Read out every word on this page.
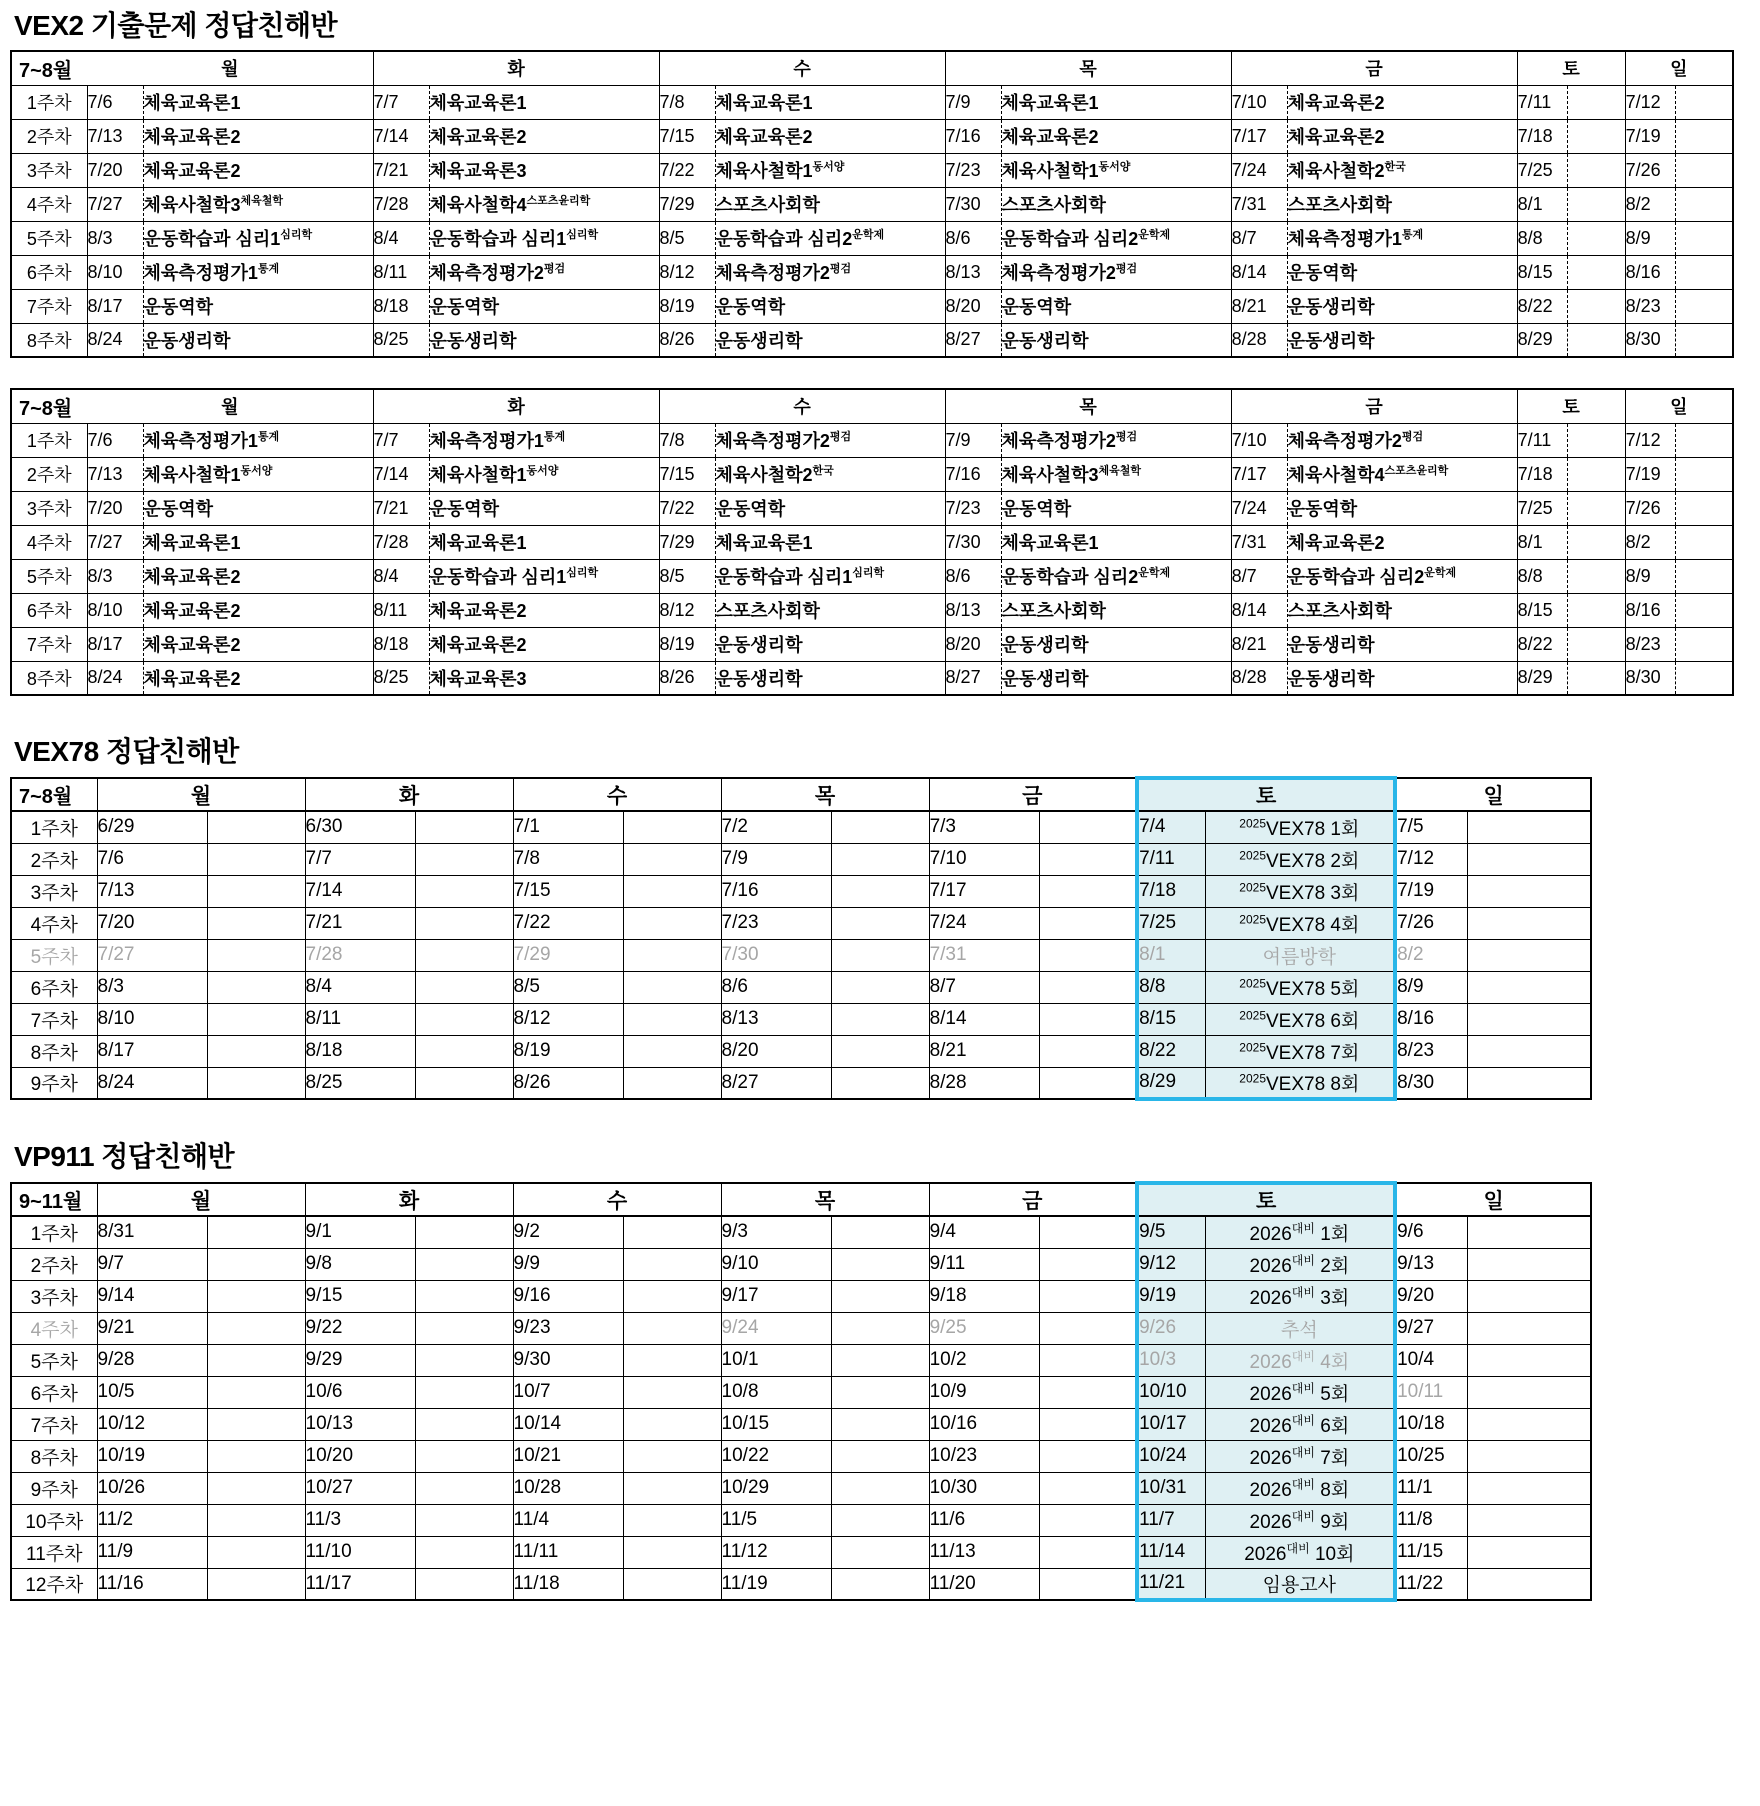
VEX2 기출문제 정답친해반
7~8월	월		화		수		목		금		토		일	
1주차	7/6	체육교육론1	7/7	체육교육론1	7/8	체육교육론1	7/9	체육교육론1	7/10	체육교육론2	7/11		7/12	
2주차	7/13	체육교육론2	7/14	체육교육론2	7/15	체육교육론2	7/16	체육교육론2	7/17	체육교육론2	7/18		7/19	
3주차	7/20	체육교육론2	7/21	체육교육론3	7/22	체육사철학$1^{동서양}$	7/23	체육사철학$1^{동서양}$	7/24	체육사철학$2^{한국}$	7/25		7/26	
4주차	7/27	체육사철학$3^{체육철학}$	7/28	체육사철학$4^{스포츠윤리학}$	7/29	스포츠사회학	7/30	스포츠사회학	7/31	스포츠사회학	8/1		8/2	
5주차	8/3	운동학습과 심리$1^{심리학}$	8/4	운동학습과 심리$1^{심리학}$	8/5	운동학습과 심리$2^{운학제}$	8/6	운동학습과 심리$2^{운학제}$	8/7	체육측정평가$1^{통계}$	8/8		8/9	
6주차	8/10	체육측정평가$1^{통계}$	8/11	체육측정평가$2^{평검}$	8/12	체육측정평가$2^{평검}$	8/13	체육측정평가$2^{평검}$	8/14	운동역학	8/15		8/16	
7주차	8/17	운동역학	8/18	운동역학	8/19	운동역학	8/20	운동역학	8/21	운동생리학	8/22		8/23	
8주차	8/24	운동생리학	8/25	운동생리학	8/26	운동생리학	8/27	운동생리학	8/28	운동생리학	8/29		8/30	
7~8월	월		화		수		목		금		토		일	
1주차	7/6	체육측정평가$1^{통계}$	7/7	체육측정평가$1^{통계}$	7/8	체육측정평가$2^{평검}$	7/9	체육측정평가$2^{평검}$	7/10	체육측정평가$2^{평검}$	7/11		7/12	
2주차	7/13	체육사철학$1^{동서양}$	7/14	체육사철학$1^{동서양}$	7/15	체육사철학$2^{한국}$	7/16	체육사철학$3^{체육철학}$	7/17	체육사철학$4^{스포츠윤리학}$	7/18		7/19	
3주차	7/20	운동역학	7/21	운동역학	7/22	운동역학	7/23	운동역학	7/24	운동역학	7/25		7/26	
4주차	7/27	체육교육론1	7/28	체육교육론1	7/29	체육교육론1	7/30	체육교육론1	7/31	체육교육론2	8/1		8/2	
5주차	8/3	체육교육론2	8/4	운동학습과 심리$1^{심리학}$	8/5	운동학습과 심리$1^{심리학}$	8/6	운동학습과 심리$2^{운학제}$	8/7	운동학습과 심리$2^{운학제}$	8/8		8/9	
6주차	8/10	체육교육론2	8/11	체육교육론2	8/12	스포츠사회학	8/13	스포츠사회학	8/14	스포츠사회학	8/15		8/16	
7주차	8/17	체육교육론2	8/18	체육교육론2	8/19	운동생리학	8/20	운동생리학	8/21	운동생리학	8/22		8/23	
8주차	8/24	체육교육론2	8/25	체육교육론3	8/26	운동생리학	8/27	운동생리학	8/28	운동생리학	8/29		8/30	
VEX78 정답친해반
7~8월	월		화		수		목		금		토		일	
1주차	6/29		6/30		7/1		7/2		7/3		7/4	$^{2025}$VEX78 1회	7/5	
2주차	7/6		7/7		7/8		7/9		7/10		7/11	$^{2025}$VEX78 2회	7/12	
3주차	7/13		7/14		7/15		7/16		7/17		7/18	$^{2025}$VEX78 3회	7/19	
4주차	7/20		7/21		7/22		7/23		7/24		7/25	$^{2025}$VEX78 4회	7/26	
5주차	7/27		7/28		7/29		7/30		7/31		8/1	여름방학	8/2	
6주차	8/3		8/4		8/5		8/6		8/7		8/8	$^{2025}$VEX78 5회	8/9	
7주차	8/10		8/11		8/12		8/13		8/14		8/15	$^{2025}$VEX78 6회	8/16	
8주차	8/17		8/18		8/19		8/20		8/21		8/22	$^{2025}$VEX78 7회	8/23	
9주차	8/24		8/25		8/26		8/27		8/28		8/29	$^{2025}$VEX78 8회	8/30	
VP911 정답친해반
9~11월	월		화		수		목		금		토		일	
1주차	8/31		9/1		9/2		9/3		9/4		9/5	$2026^{대비}$ 1회	9/6	
2주차	9/7		9/8		9/9		9/10		9/11		9/12	$2026^{대비}$ 2회	9/13	
3주차	9/14		9/15		9/16		9/17		9/18		9/19	$2026^{대비}$ 3회	9/20	
4주차	9/21		9/22		9/23		9/24		9/25		9/26	추석	9/27	
5주차	9/28		9/29		9/30		10/1		10/2		10/3	$2026^{대비}$ 4회	10/4	
6주차	10/5		10/6		10/7		10/8		10/9		10/10	$2026^{대비}$ 5회	10/11	
7주차	10/12		10/13		10/14		10/15		10/16		10/17	$2026^{대비}$ 6회	10/18	
8주차	10/19		10/20		10/21		10/22		10/23		10/24	$2026^{대비}$ 7회	10/25	
9주차	10/26		10/27		10/28		10/29		10/30		10/31	$2026^{대비}$ 8회	11/1	
10주차	11/2		11/3		11/4		11/5		11/6		11/7	$2026^{대비}$ 9회	11/8	
11주차	11/9		11/10		11/11		11/12		11/13		11/14	$2026^{대비}$ 10회	11/15	
12주차	11/16		11/17		11/18		11/19		11/20		11/21	임용고사	11/22	
